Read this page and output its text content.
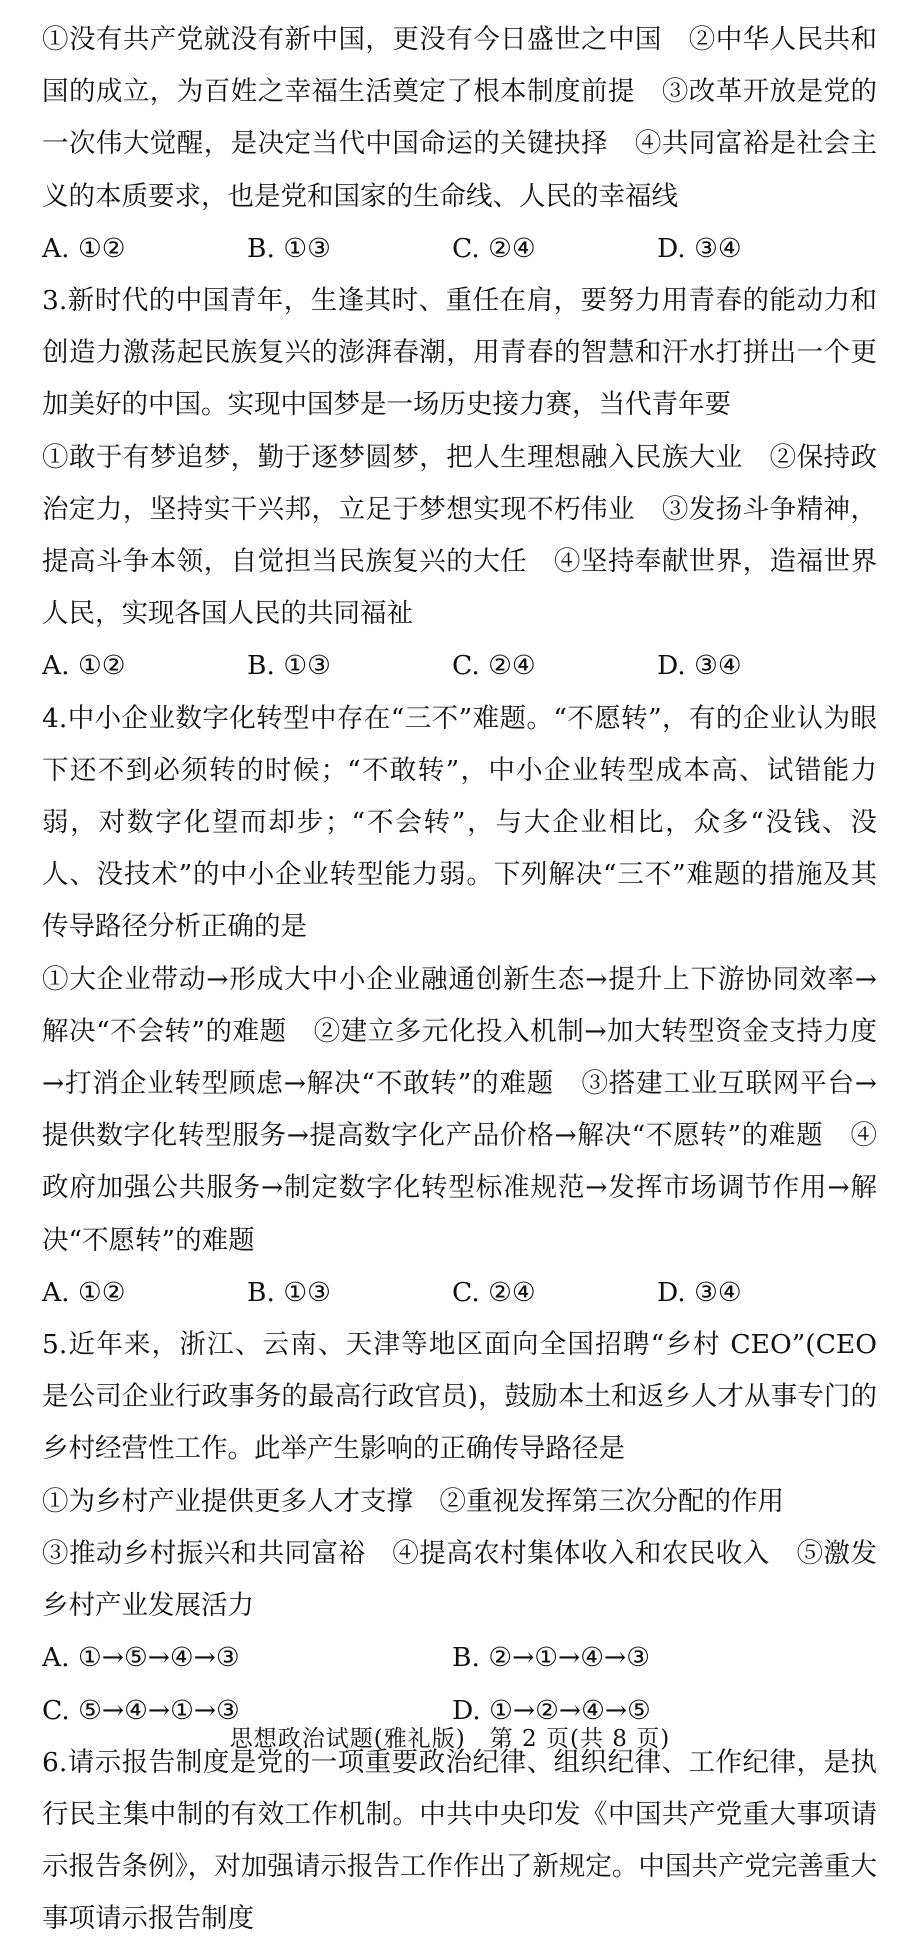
①没有共产党就没有新中国，更没有今日盛世之中国　②中华人民共和国的成立，为百姓之幸福生活奠定了根本制度前提　③改革开放是党的一次伟大觉醒，是决定当代中国命运的关键抉择　④共同富裕是社会主义的本质要求，也是党和国家的生命线、人民的幸福线
A. ①②	B. ①③	C. ②④	D. ③④
3.新时代的中国青年，生逢其时、重任在肩，要努力用青春的能动力和创造力激荡起民族复兴的澎湃春潮，用青春的智慧和汗水打拼出一个更加美好的中国。实现中国梦是一场历史接力赛，当代青年要
①敢于有梦追梦，勤于逐梦圆梦，把人生理想融入民族大业　②保持政治定力，坚持实干兴邦，立足于梦想实现不朽伟业　③发扬斗争精神，提高斗争本领，自觉担当民族复兴的大任　④坚持奉献世界，造福世界人民，实现各国人民的共同福祉
A. ①②	B. ①③	C. ②④	D. ③④
4.中小企业数字化转型中存在“三不”难题。“不愿转”，有的企业认为眼下还不到必须转的时候；“不敢转”，中小企业转型成本高、试错能力弱，对数字化望而却步；“不会转”，与大企业相比，众多“没钱、没人、没技术”的中小企业转型能力弱。下列解决“三不”难题的措施及其传导路径分析正确的是
①大企业带动→形成大中小企业融通创新生态→提升上下游协同效率→解决“不会转”的难题　②建立多元化投入机制→加大转型资金支持力度→打消企业转型顾虑→解决“不敢转”的难题　③搭建工业互联网平台→提供数字化转型服务→提高数字化产品价格→解决“不愿转”的难题　④政府加强公共服务→制定数字化转型标准规范→发挥市场调节作用→解决“不愿转”的难题
A. ①②	B. ①③	C. ②④	D. ③④
5.近年来，浙江、云南、天津等地区面向全国招聘“乡村 CEO”(CEO 是公司企业行政事务的最高行政官员)，鼓励本土和返乡人才从事专门的乡村经营性工作。此举产生影响的正确传导路径是
①为乡村产业提供更多人才支撑　②重视发挥第三次分配的作用
③推动乡村振兴和共同富裕　④提高农村集体收入和农民收入　⑤激发乡村产业发展活力
A. ①→⑤→④→③	B. ②→①→④→③
C. ⑤→④→①→③	D. ①→②→④→⑤
6.请示报告制度是党的一项重要政治纪律、组织纪律、工作纪律，是执行民主集中制的有效工作机制。中共中央印发《中国共产党重大事项请示报告条例》，对加强请示报告工作作出了新规定。中国共产党完善重大事项请示报告制度
思想政治试题(雅礼版)　第 2 页(共 8 页)
